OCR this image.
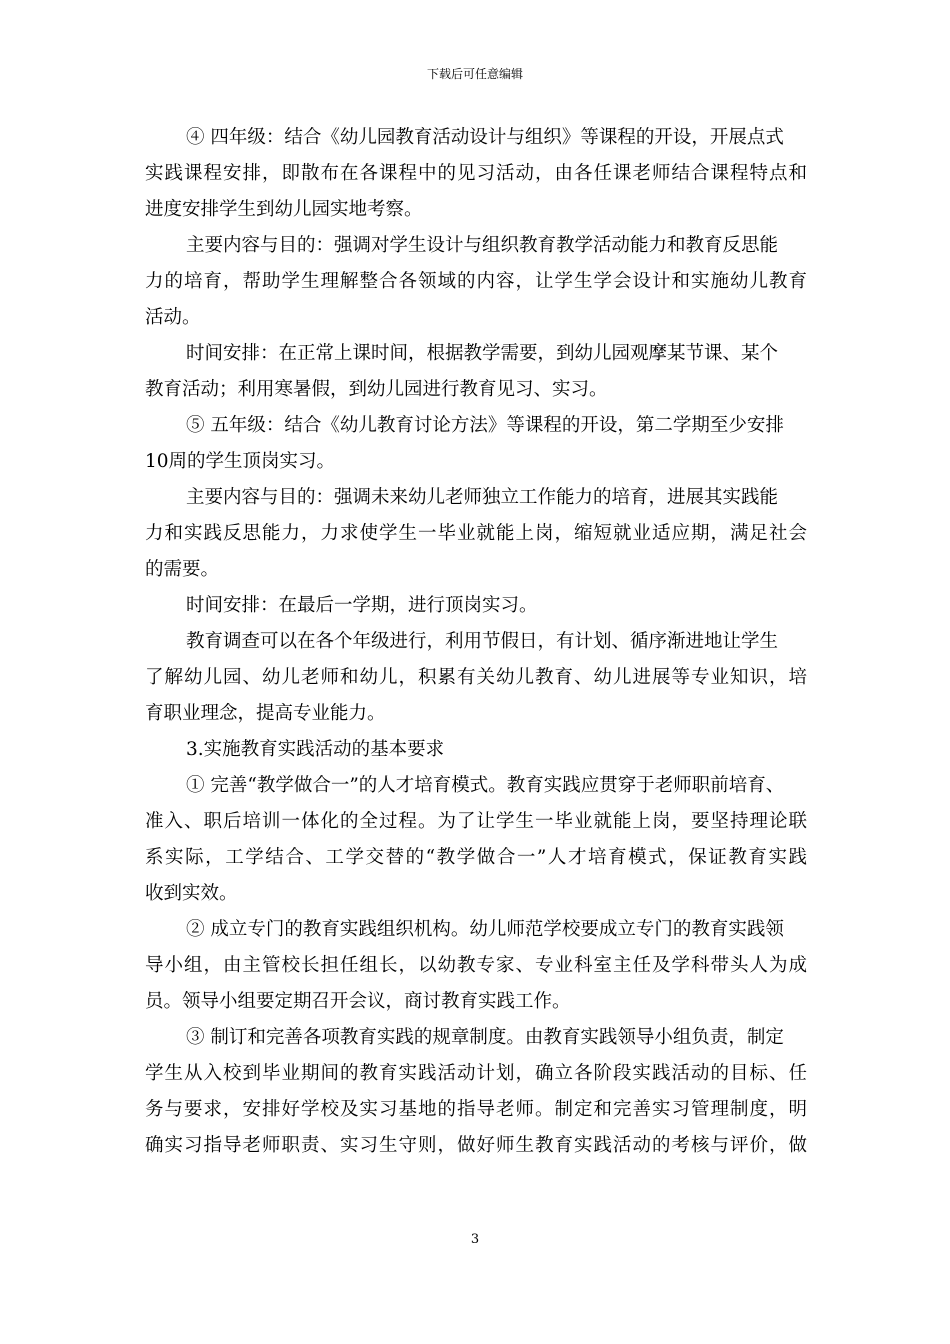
下载后可任意编辑
④ 四年级：结合《幼儿园教育活动设计与组织》等课程的开设，开展点式
实践课程安排，即散布在各课程中的见习活动，由各任课老师结合课程特点和
进度安排学生到幼儿园实地考察。
主要内容与目的：强调对学生设计与组织教育教学活动能力和教育反思能
力的培育，帮助学生理解整合各领域的内容，让学生学会设计和实施幼儿教育
活动。
时间安排：在正常上课时间，根据教学需要，到幼儿园观摩某节课、某个
教育活动；利用寒暑假，到幼儿园进行教育见习、实习。
⑤ 五年级：结合《幼儿教育讨论方法》等课程的开设，第二学期至少安排
10周的学生顶岗实习。
主要内容与目的：强调未来幼儿老师独立工作能力的培育，进展其实践能
力和实践反思能力，力求使学生一毕业就能上岗，缩短就业适应期，满足社会
的需要。
时间安排：在最后一学期，进行顶岗实习。
教育调查可以在各个年级进行，利用节假日，有计划、循序渐进地让学生
了解幼儿园、幼儿老师和幼儿，积累有关幼儿教育、幼儿进展等专业知识，培
育职业理念，提高专业能力。
3.实施教育实践活动的基本要求
① 完善“教学做合一”的人才培育模式。教育实践应贯穿于老师职前培育、
准入、职后培训一体化的全过程。为了让学生一毕业就能上岗，要坚持理论联
系实际，工学结合、工学交替的“教学做合一”人才培育模式，保证教育实践
收到实效。
② 成立专门的教育实践组织机构。幼儿师范学校要成立专门的教育实践领
导小组，由主管校长担任组长，以幼教专家、专业科室主任及学科带头人为成
员。领导小组要定期召开会议，商讨教育实践工作。
③ 制订和完善各项教育实践的规章制度。由教育实践领导小组负责，制定
学生从入校到毕业期间的教育实践活动计划，确立各阶段实践活动的目标、任
务与要求，安排好学校及实习基地的指导老师。制定和完善实习管理制度，明
确实习指导老师职责、实习生守则，做好师生教育实践活动的考核与评价，做
3
